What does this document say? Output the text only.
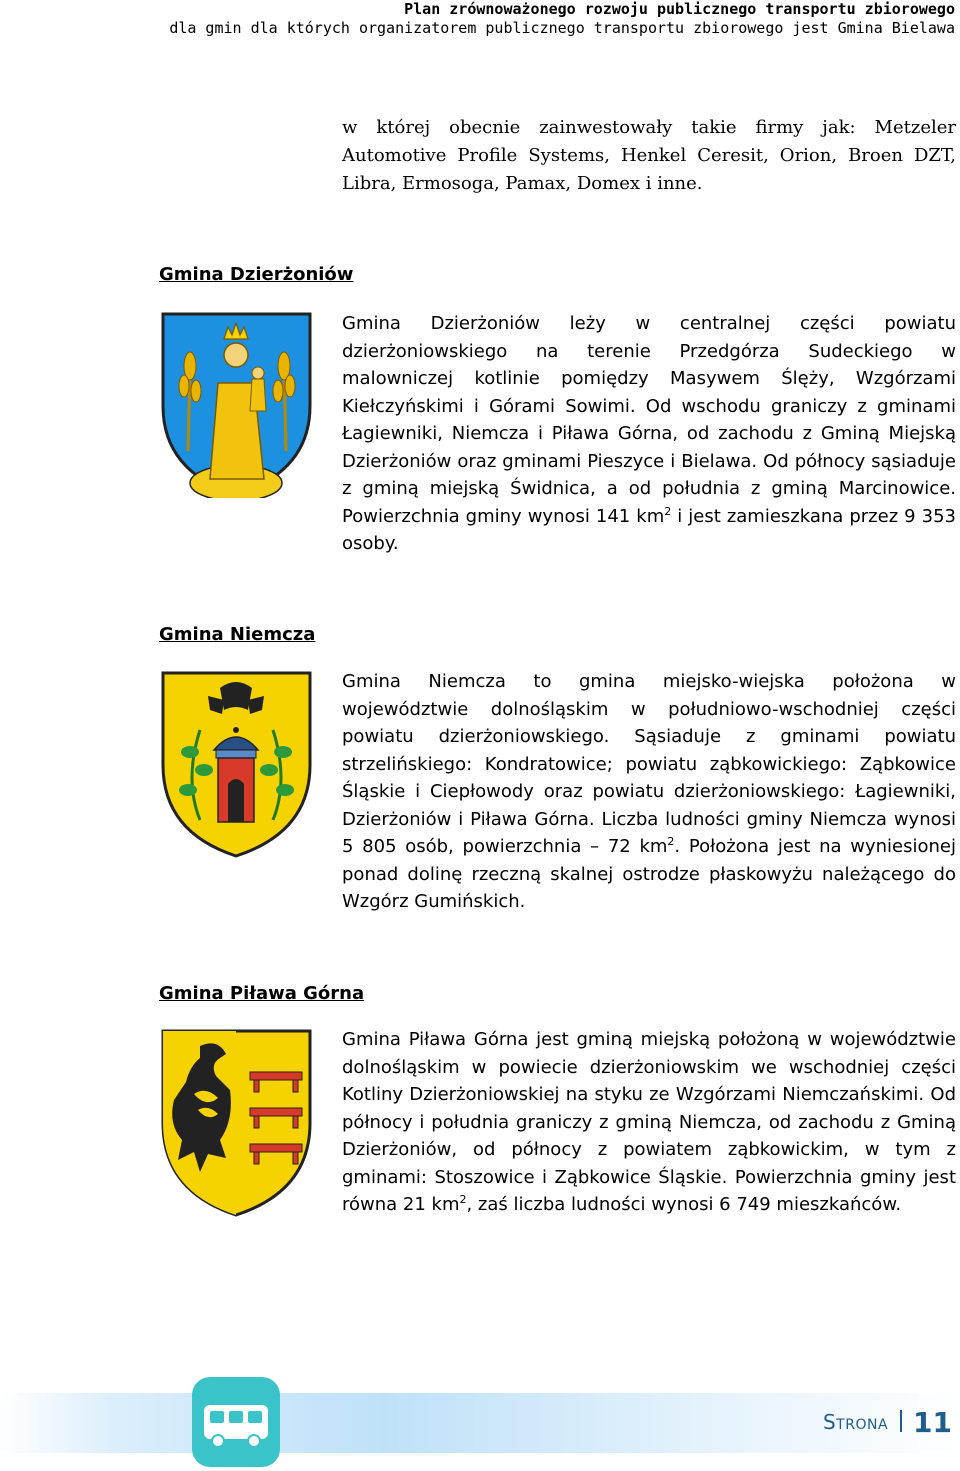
Plan zrównoważonego rozwoju publicznego transportu zbiorowego
dla gmin dla których organizatorem publicznego transportu zbiorowego jest Gmina Bielawa
w której obecnie zainwestowały takie firmy jak: Metzeler Automotive Profile Systems, Henkel Ceresit, Orion, Broen DZT, Libra, Ermosoga, Pamax, Domex i inne.
Gmina Dzierżoniów
Gmina Dzierżoniów leży w centralnej części powiatu dzierżoniowskiego na terenie Przedgórza Sudeckiego w malowniczej kotlinie pomiędzy Masywem Ślęży, Wzgórzami Kiełczyńskimi i Górami Sowimi. Od wschodu graniczy z gminami Łagiewniki, Niemcza i Piława Górna, od zachodu z Gminą Miejską Dzierżoniów oraz gminami Pieszyce i Bielawa. Od północy sąsiaduje z gminą miejską Świdnica, a od południa z gminą Marcinowice. Powierzchnia gminy wynosi 141 $km^2$ i jest zamieszkana przez 9 353 osoby.
Gmina Niemcza
Gmina Niemcza to gmina miejsko-wiejska położona w województwie dolnośląskim w południowo-wschodniej części powiatu dzierżoniowskiego. Sąsiaduje z gminami powiatu strzelińskiego: Kondratowice; powiatu ząbkowickiego: Ząbkowice Śląskie i Ciepłowody oraz powiatu dzierżoniowskiego: Łagiewniki, Dzierżoniów i Piława Górna. Liczba ludności gminy Niemcza wynosi 5 805 osób, powierzchnia – 72 $km^2$. Położona jest na wyniesionej ponad dolinę rzeczną skalnej ostrodze płaskowyżu należącego do Wzgórz Gumińskich.
Gmina Piława Górna
Gmina Piława Górna jest gminą miejską położoną w województwie dolnośląskim w powiecie dzierżoniowskim we wschodniej części Kotliny Dzierżoniowskiej na styku ze Wzgórzami Niemczańskimi. Od północy i południa graniczy z gminą Niemcza, od zachodu z Gminą Dzierżoniów, od północy z powiatem ząbkowickim, w tym z gminami: Stoszowice i Ząbkowice Śląskie. Powierzchnia gminy jest równa 21 $km^2$, zaś liczba ludności wynosi 6 749 mieszkańców.
Strona 11
